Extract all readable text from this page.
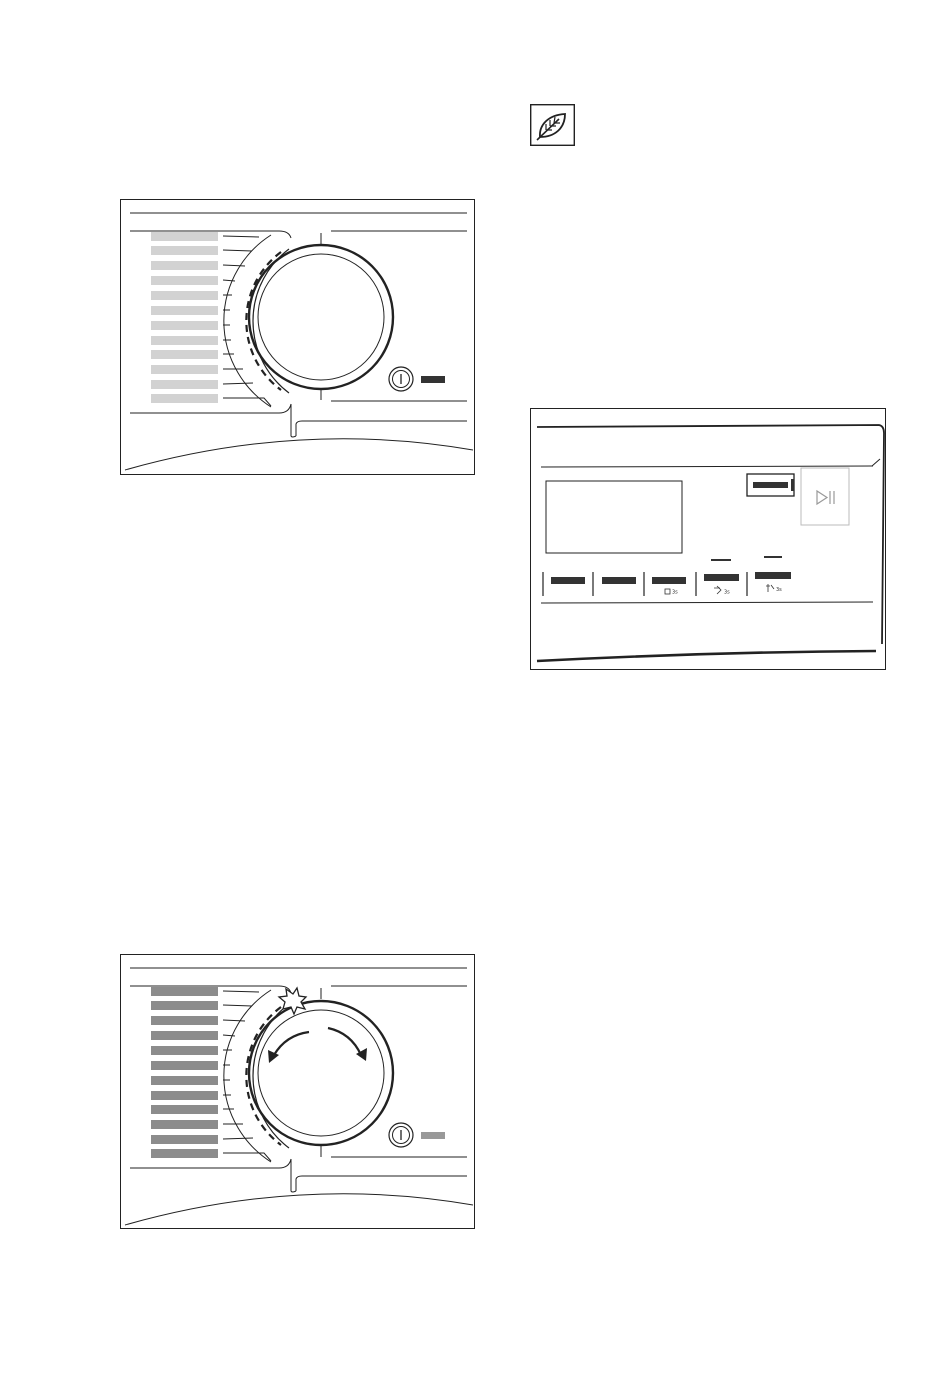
3s	3s	3s
